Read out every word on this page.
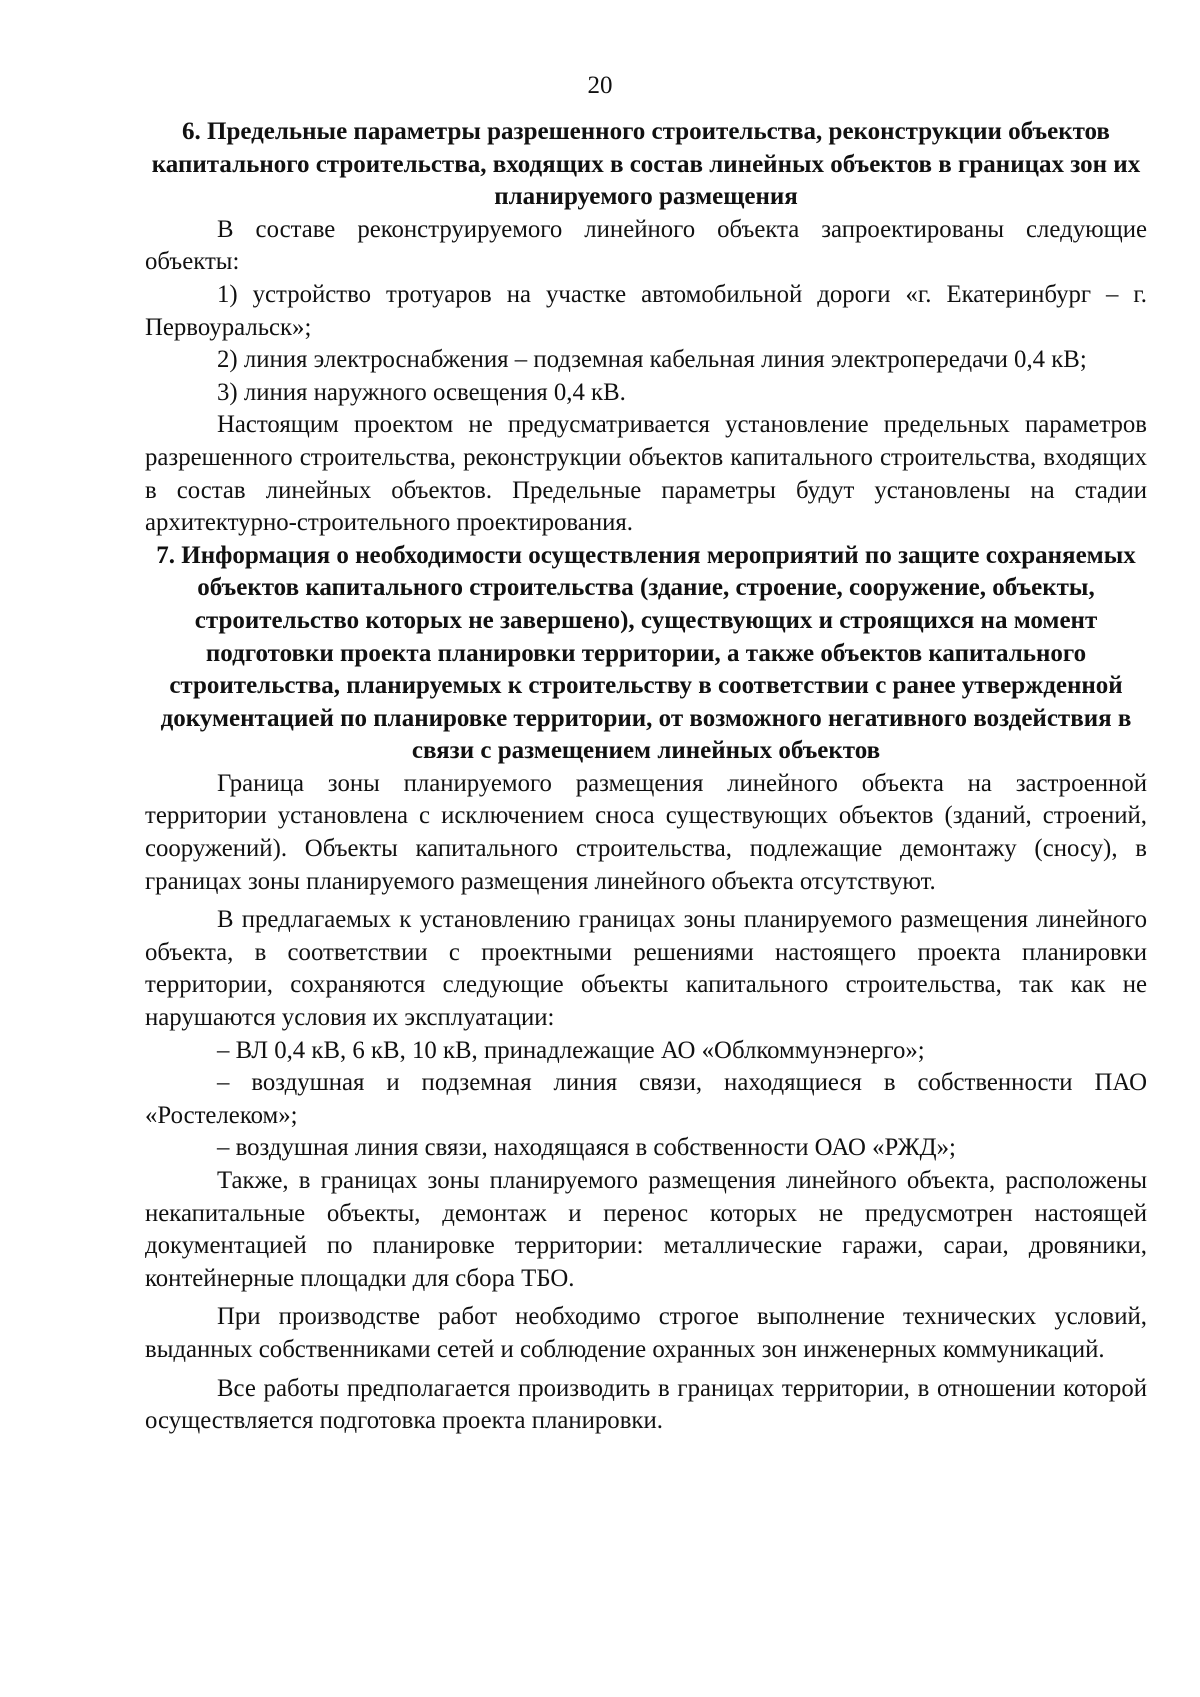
20
6. Предельные параметры разрешенного строительства, реконструкции объектов капитального строительства, входящих в состав линейных объектов в границах зон их планируемого размещения

В составе реконструируемого линейного объекта запроектированы следующие объекты:

1) устройство тротуаров на участке автомобильной дороги «г. Екатеринбург – г. Первоуральск»;

2) линия электроснабжения – подземная кабельная линия электропередачи 0,4 кВ;

3) линия наружного освещения 0,4 кВ.

Настоящим проектом не предусматривается установление предельных параметров разрешенного строительства, реконструкции объектов капитального строительства, входящих в состав линейных объектов. Предельные параметры будут установлены на стадии архитектурно-строительного проектирования.

7. Информация о необходимости осуществления мероприятий по защите сохраняемых объектов капитального строительства (здание, строение, сооружение, объекты, строительство которых не завершено), существующих и строящихся на момент подготовки проекта планировки территории, а также объектов капитального строительства, планируемых к строительству в соответствии с ранее утвержденной документацией по планировке территории, от возможного негативного воздействия в связи с размещением линейных объектов

Граница зоны планируемого размещения линейного объекта на застроенной территории установлена с исключением сноса существующих объектов (зданий, строений, сооружений). Объекты капитального строительства, подлежащие демонтажу (сносу), в границах зоны планируемого размещения линейного объекта отсутствуют.

В предлагаемых к установлению границах зоны планируемого размещения линейного объекта, в соответствии с проектными решениями настоящего проекта планировки территории, сохраняются следующие объекты капитального строительства, так как не нарушаются условия их эксплуатации:

– ВЛ 0,4 кВ, 6 кВ, 10 кВ, принадлежащие АО «Облкоммунэнерго»;

– воздушная и подземная линия связи, находящиеся в собственности ПАО «Ростелеком»;

– воздушная линия связи, находящаяся в собственности ОАО «РЖД»;

Также, в границах зоны планируемого размещения линейного объекта, расположены некапитальные объекты, демонтаж и перенос которых не предусмотрен настоящей документацией по планировке территории: металлические гаражи, сараи, дровяники, контейнерные площадки для сбора ТБО.

При производстве работ необходимо строгое выполнение технических условий, выданных собственниками сетей и соблюдение охранных зон инженерных коммуникаций.

Все работы предполагается производить в границах территории, в отношении которой осуществляется подготовка проекта планировки.
